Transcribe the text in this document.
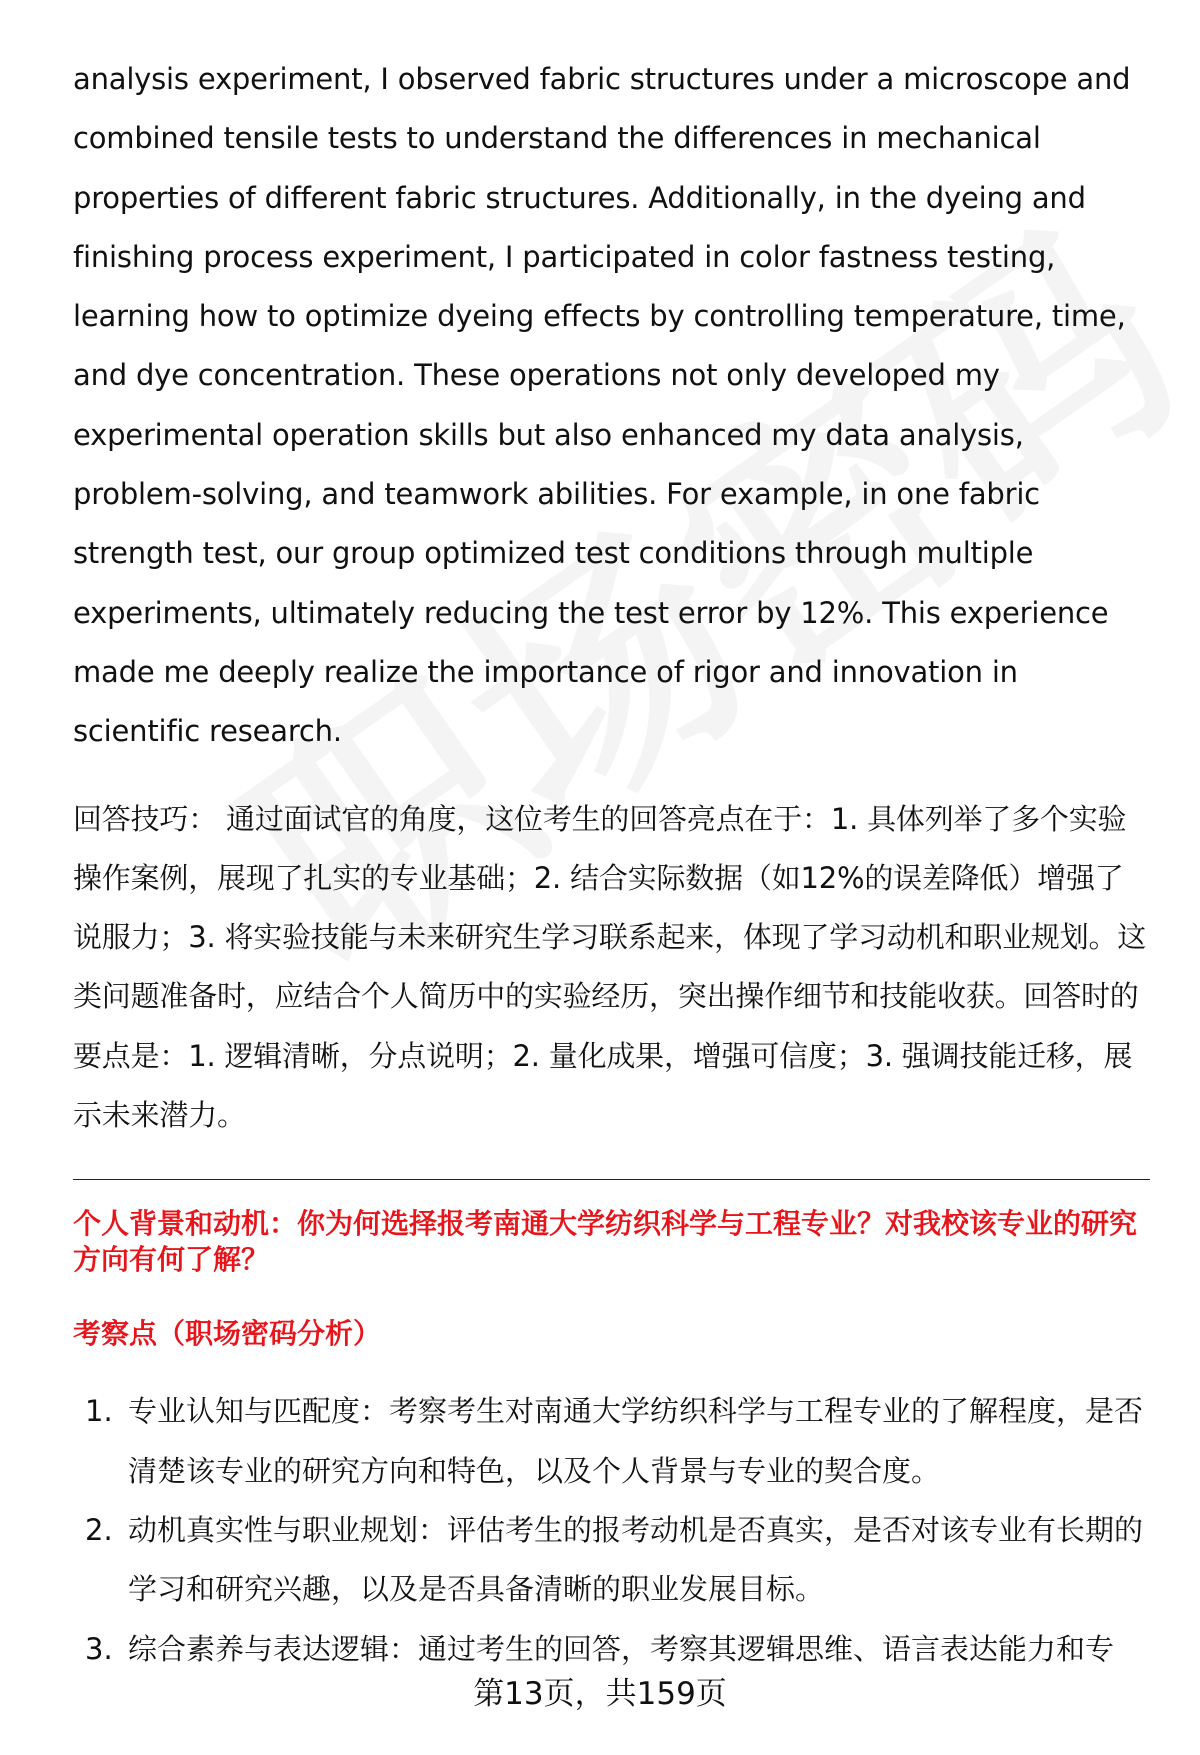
analysis experiment, I observed fabric structures under a microscope and combined tensile tests to understand the differences in mechanical properties of different fabric structures. Additionally, in the dyeing and finishing process experiment, I participated in color fastness testing, learning how to optimize dyeing effects by controlling temperature, time, and dye concentration. These operations not only developed my experimental operation skills but also enhanced my data analysis, problem-solving, and teamwork abilities. For example, in one fabric strength test, our group optimized test conditions through multiple experiments, ultimately reducing the test error by 12%. This experience made me deeply realize the importance of rigor and innovation in scientific research.

回答技巧： 通过面试官的角度，这位考生的回答亮点在于：1. 具体列举了多个实验操作案例，展现了扎实的专业基础；2. 结合实际数据（如12%的误差降低）增强了说服力；3. 将实验技能与未来研究生学习联系起来，体现了学习动机和职业规划。这类问题准备时，应结合个人简历中的实验经历，突出操作细节和技能收获。回答时的要点是：1. 逻辑清晰，分点说明；2. 量化成果，增强可信度；3. 强调技能迁移，展示未来潜力。

个人背景和动机：你为何选择报考南通大学纺织科学与工程专业？对我校该专业的研究方向有何了解？

考察点（职场密码分析）

1. 专业认知与匹配度：考察考生对南通大学纺织科学与工程专业的了解程度，是否清楚该专业的研究方向和特色，以及个人背景与专业的契合度。
2. 动机真实性与职业规划：评估考生的报考动机是否真实，是否对该专业有长期的学习和研究兴趣，以及是否具备清晰的职业发展目标。
3. 综合素养与表达逻辑：通过考生的回答，考察其逻辑思维、语言表达能力和专
第13页，共159页
